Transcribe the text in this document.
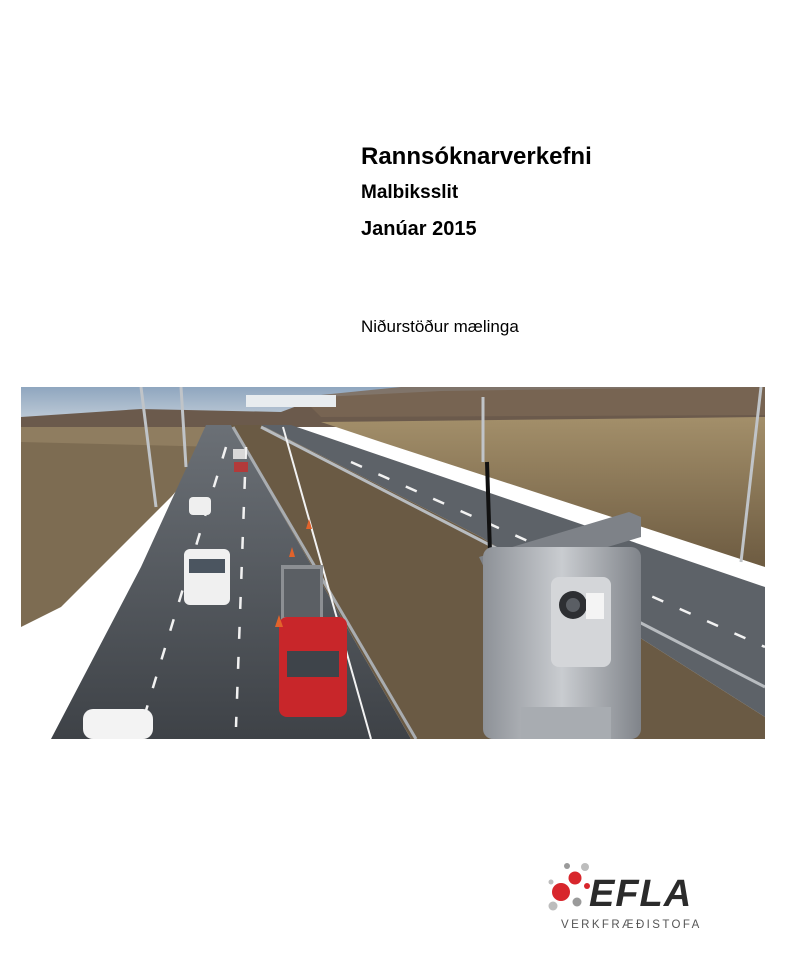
Rannsóknarverkefni

Malbiksslit

Janúar 2015

Niðurstöður mælinga
EFLA
VERKFRÆÐISTOFA
